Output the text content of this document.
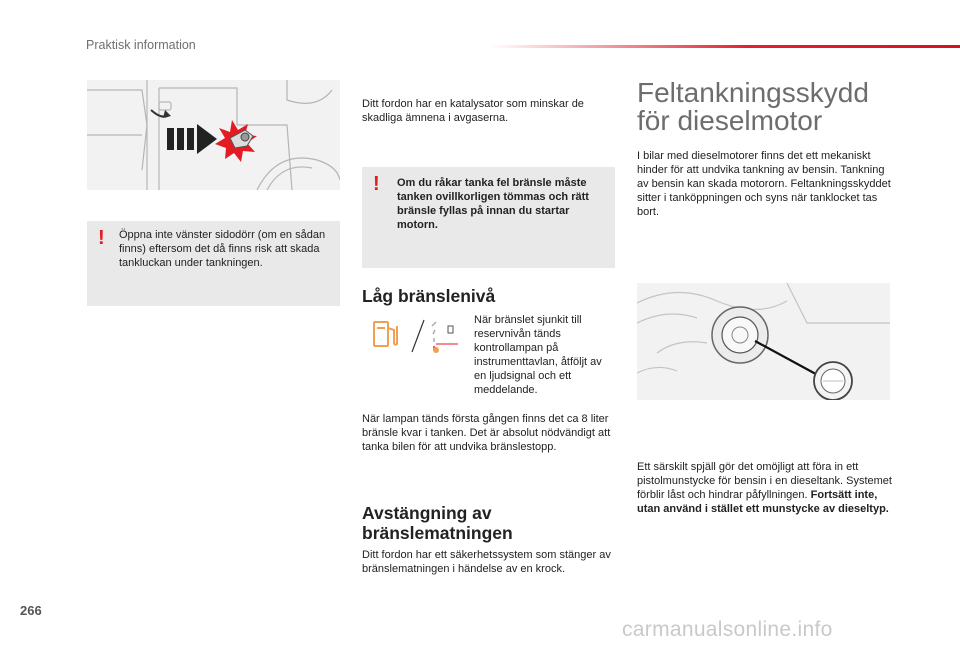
Praktisk information
! Öppna inte vänster sidodörr (om en sådan finns) eftersom det då finns risk att skada tankluckan under tankningen.
Ditt fordon har en katalysator som minskar de skadliga ämnena i avgaserna.
! Om du råkar tanka fel bränsle måste tanken ovillkorligen tömmas och rätt bränsle fyllas på innan du startar motorn.
Låg bränslenivå
När bränslet sjunkit till reservnivån tänds kontrollampan på instrumenttavlan, åtföljt av en ljudsignal och ett meddelande.
När lampan tänds första gången finns det ca 8 liter bränsle kvar i tanken. Det är absolut nödvändigt att tanka bilen för att undvika bränslestopp.
Avstängning av
bränslematningen
Ditt fordon har ett säkerhetssystem som stänger av bränslematningen i händelse av en krock.
Feltankningsskydd
för dieselmotor
I bilar med dieselmotorer finns det ett mekaniskt hinder för att undvika tankning av bensin. Tankning av bensin kan skada motororn. Feltankningsskyddet sitter i tanköppningen och syns när tanklocket tas bort.
Ett särskilt spjäll gör det omöjligt att föra in ett pistolmunstycke för bensin i en dieseltank. Systemet förblir låst och hindrar påfyllningen. Fortsätt inte, utan använd i stället ett munstycke av dieseltyp.
266
carmanualsonline.info
